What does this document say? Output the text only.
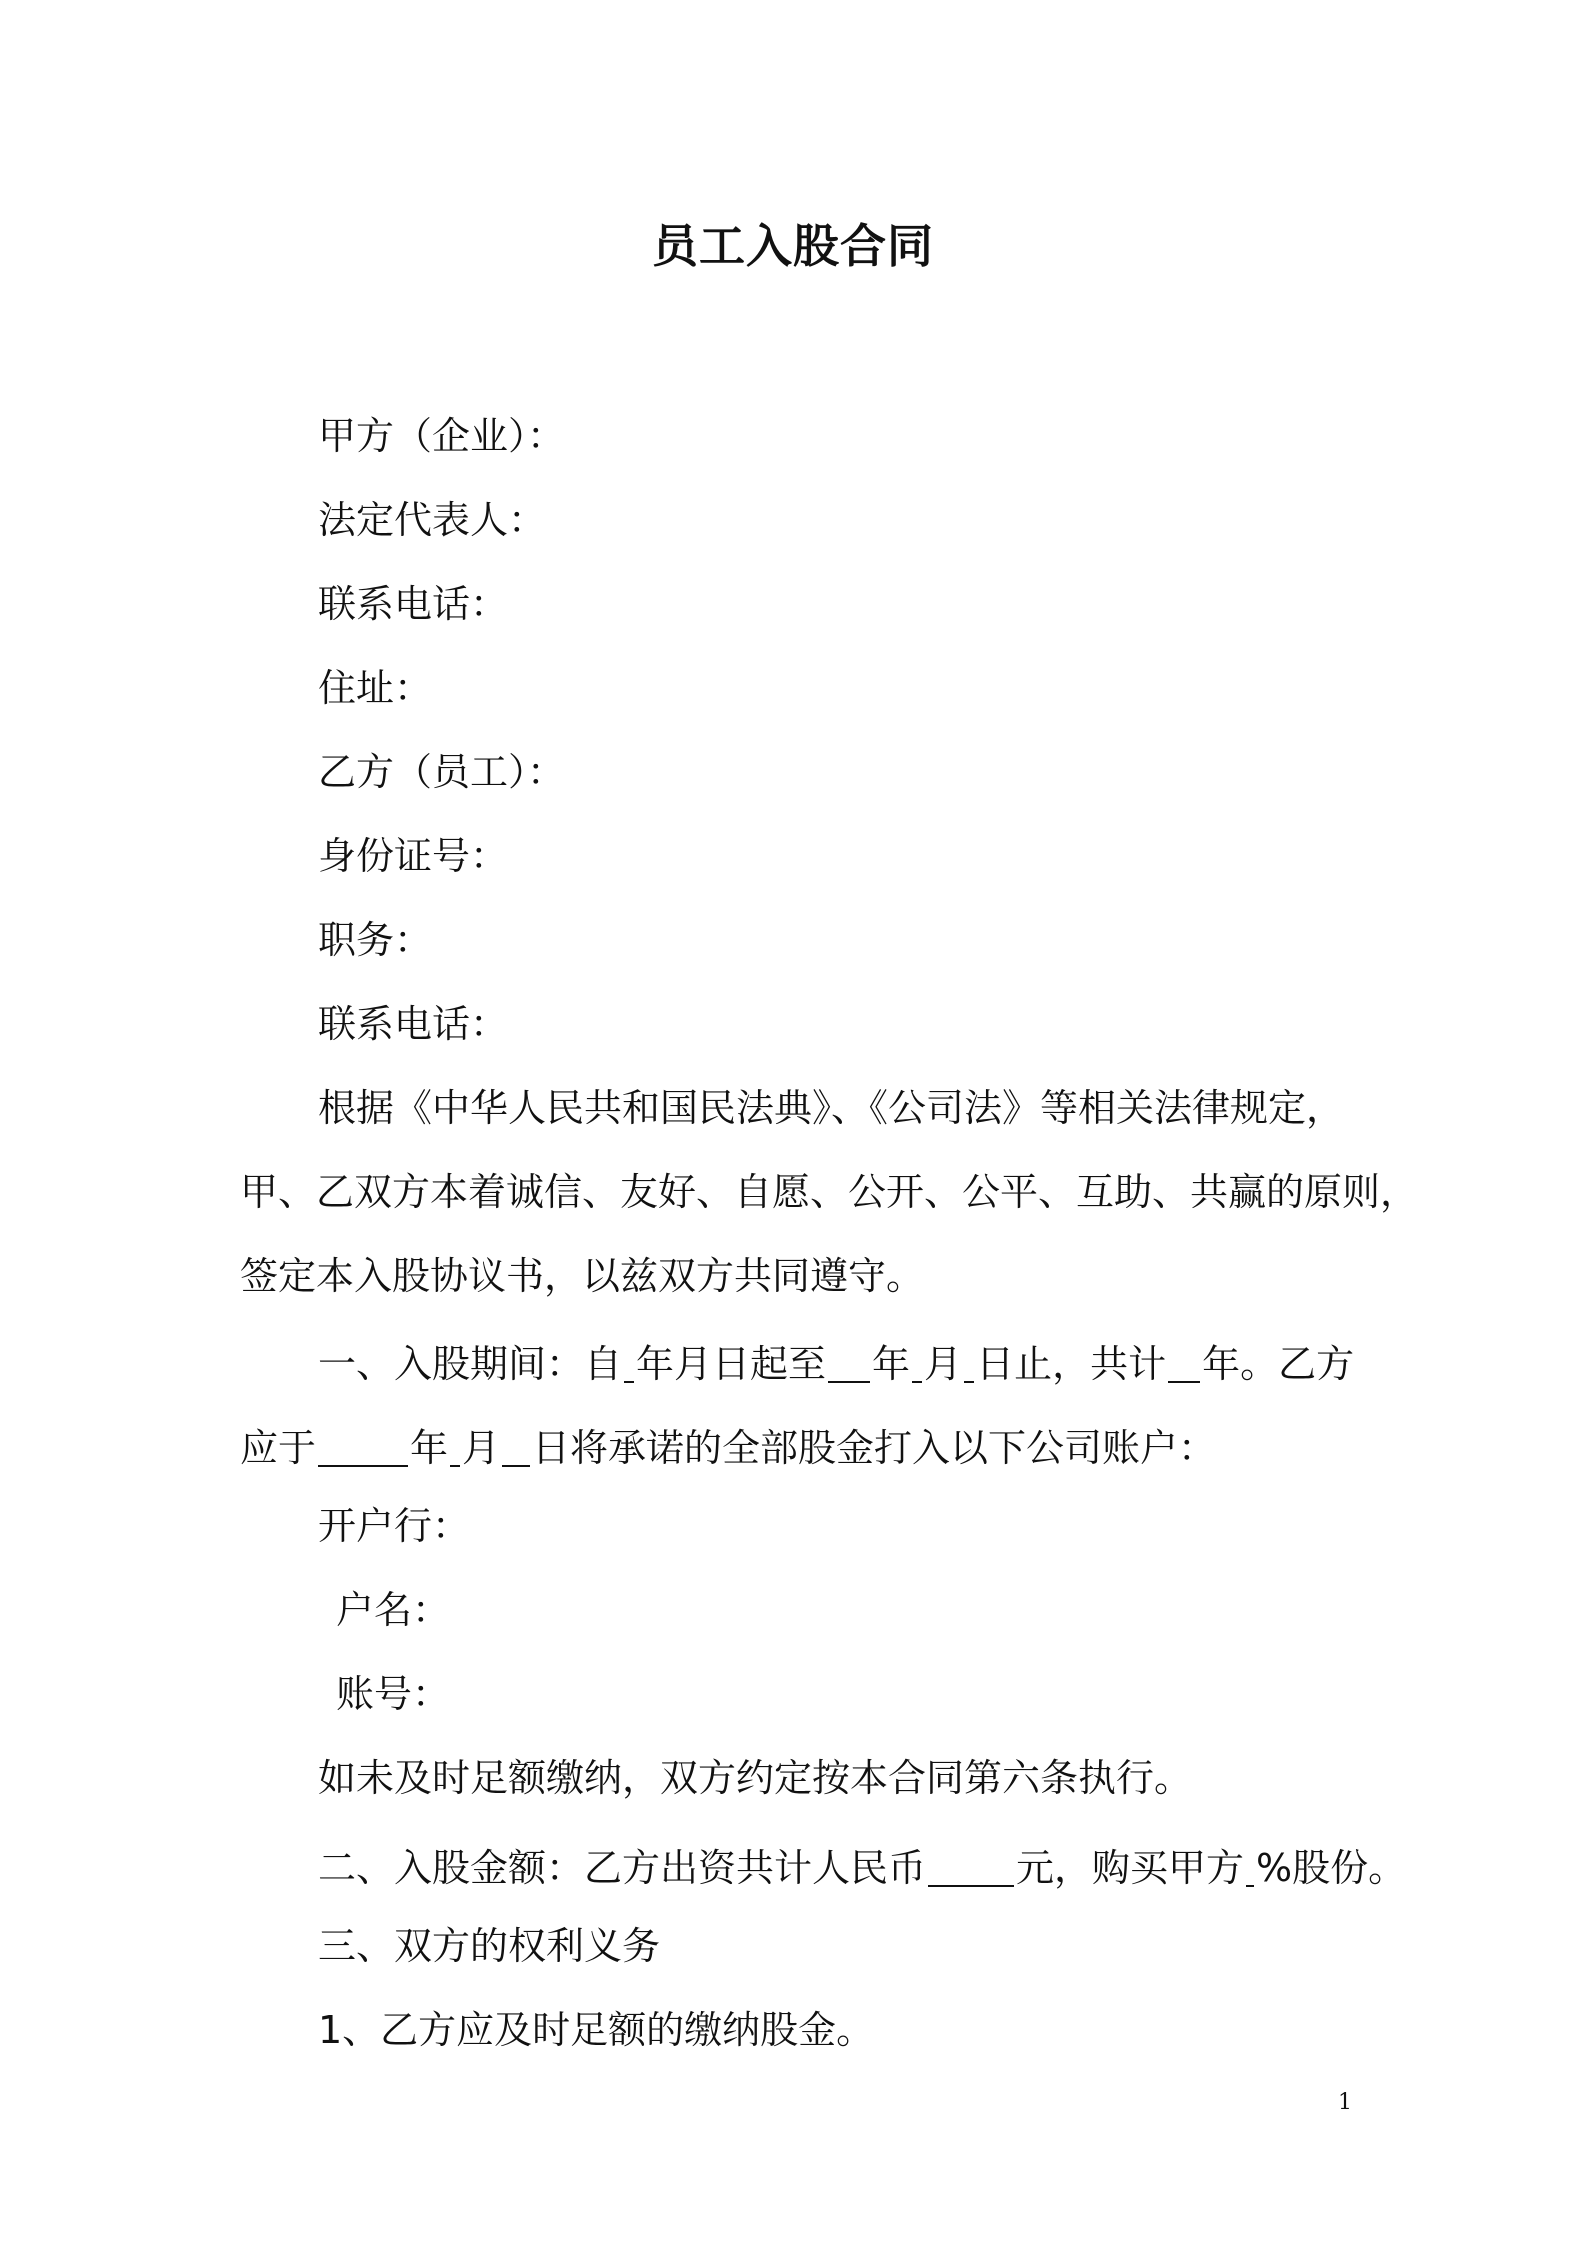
员工入股合同
甲方（企业）：
法定代表人：
联系电话：
住址：
乙方（员工）：
身份证号：
职务：
联系电话：
根据《中华人民共和国民法典》、《公司法》等相关法律规定，
甲、乙双方本着诚信、友好、自愿、公开、公平、互助、共赢的原则，
签定本入股协议书，以兹双方共同遵守。
一、入股期间：自 年月日起至 年 月 日止，共计 年。乙方
应于 年 月 日将承诺的全部股金打入以下公司账户：
开户行：
户名：
账号：
如未及时足额缴纳，双方约定按本合同第六条执行。
二、入股金额：乙方出资共计人民币 元，购买甲方 %股份。
三、双方的权利义务
1、乙方应及时足额的缴纳股金。
1
